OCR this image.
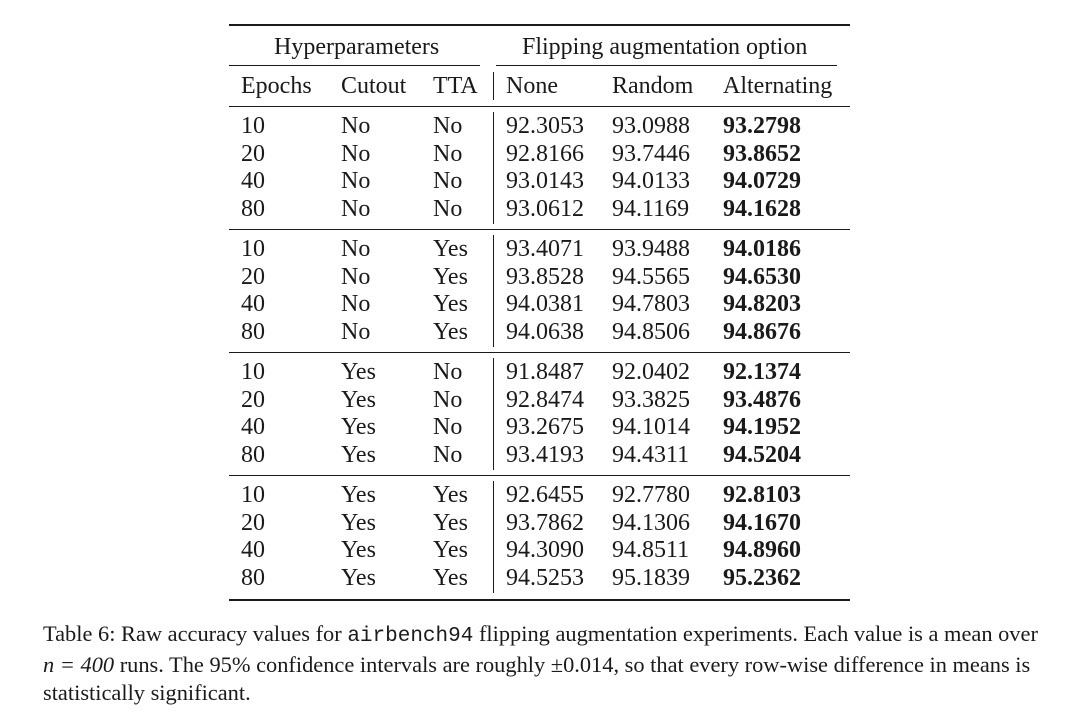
Hyperparameters	Flipping augmentation option
Epochs Cutout TTA None Random Alternating
10	No	No 92.3053 93.0988 93.2798
20	No	No 92.8166 93.7446 93.8652
40	No	No 93.0143 94.0133 94.0729
80	No	No 93.0612 94.1169 94.1628
10	No	Yes 93.4071 93.9488 94.0186
20	No	Yes 93.8528 94.5565 94.6530
40	No	Yes 94.0381 94.7803 94.8203
80	No	Yes 94.0638 94.8506 94.8676
10	Yes No 91.8487 92.0402 92.1374
20	Yes No 92.8474 93.3825 93.4876
40	Yes No 93.2675 94.1014 94.1952
80	Yes No 93.4193 94.4311 94.5204
10	Yes Yes 92.6455 92.7780 92.8103
20	Yes Yes 93.7862 94.1306 94.1670
40	Yes Yes 94.3090 94.8511 94.8960
80	Yes Yes 94.5253 95.1839 95.2362
Table 6: Raw accuracy values for airbench94 flipping augmentation experiments. Each value is a mean over n = 400 runs. The 95% confidence intervals are roughly ±0.014, so that every row-wise difference in means is statistically significant.
